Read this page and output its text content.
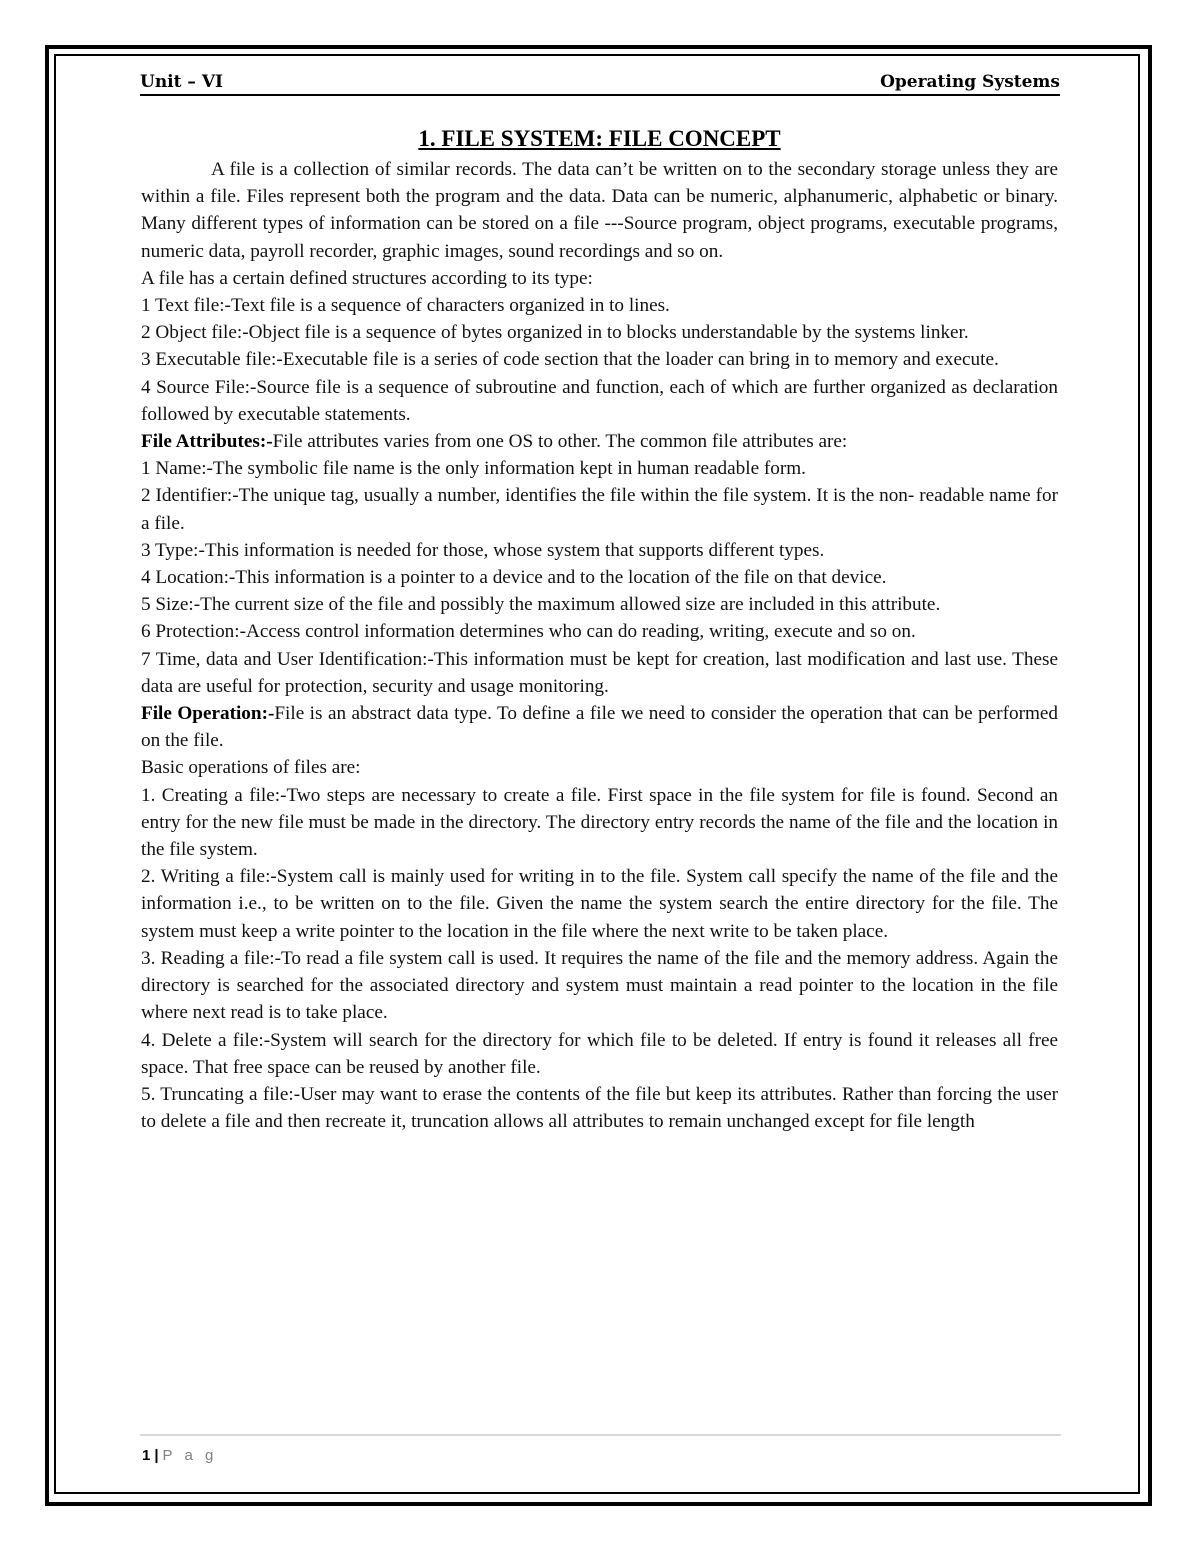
Unit – VI	Operating Systems
1. FILE SYSTEM: FILE CONCEPT

A file is a collection of similar records. The data can’t be written on to the secondary storage unless they are within a file. Files represent both the program and the data. Data can be numeric, alphanumeric, alphabetic or binary. Many different types of information can be stored on a file ---Source program, object programs, executable programs, numeric data, payroll recorder, graphic images, sound recordings and so on.

A file has a certain defined structures according to its type:

1 Text file:-Text file is a sequence of characters organized in to lines.

2 Object file:-Object file is a sequence of bytes organized in to blocks understandable by the systems linker.

3 Executable file:-Executable file is a series of code section that the loader can bring in to memory and execute.

4 Source File:-Source file is a sequence of subroutine and function, each of which are further organized as declaration followed by executable statements.

File Attributes:-File attributes varies from one OS to other. The common file attributes are:

1 Name:-The symbolic file name is the only information kept in human readable form.

2 Identifier:-The unique tag, usually a number, identifies the file within the file system. It is the non- readable name for a file.

3 Type:-This information is needed for those, whose system that supports different types.

4 Location:-This information is a pointer to a device and to the location of the file on that device.

5 Size:-The current size of the file and possibly the maximum allowed size are included in this attribute.

6 Protection:-Access control information determines who can do reading, writing, execute and so on.

7 Time, data and User Identification:-This information must be kept for creation, last modification and last use. These data are useful for protection, security and usage monitoring.

File Operation:-File is an abstract data type. To define a file we need to consider the operation that can be performed on the file.

Basic operations of files are:

1. Creating a file:-Two steps are necessary to create a file. First space in the file system for file is found. Second an entry for the new file must be made in the directory. The directory entry records the name of the file and the location in the file system.

2. Writing a file:-System call is mainly used for writing in to the file. System call specify the name of the file and the information i.e., to be written on to the file. Given the name the system search the entire directory for the file. The system must keep a write pointer to the location in the file where the next write to be taken place.

3. Reading a file:-To read a file system call is used. It requires the name of the file and the memory address. Again the directory is searched for the associated directory and system must maintain a read pointer to the location in the file where next read is to take place.

4. Delete a file:-System will search for the directory for which file to be deleted. If entry is found it releases all free space. That free space can be reused by another file.

5. Truncating a file:-User may want to erase the contents of the file but keep its attributes. Rather than forcing the user to delete a file and then recreate it, truncation allows all attributes to remain unchanged except for file length

1 | P a g
